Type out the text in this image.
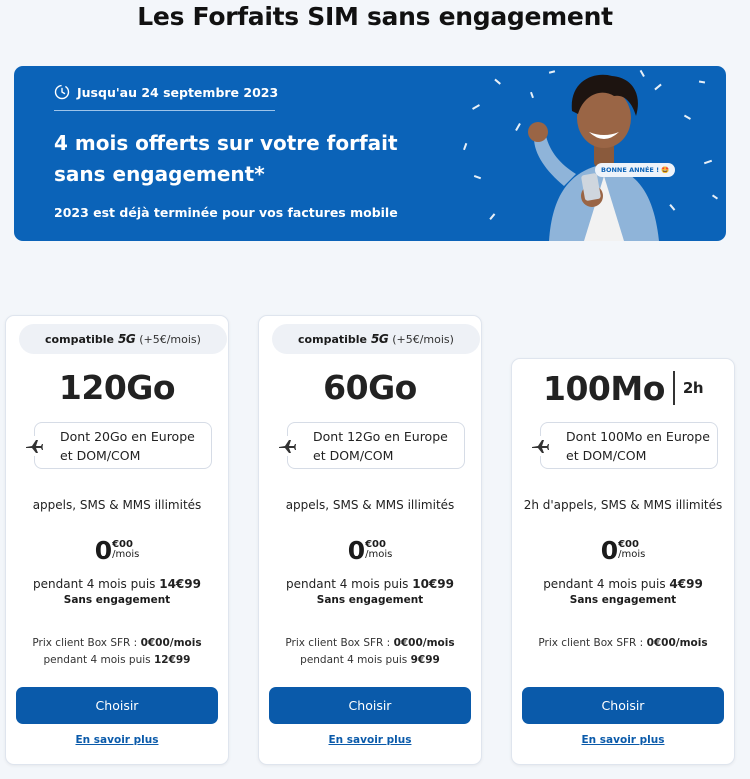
Les Forfaits SIM sans engagement
Jusqu'au 24 septembre 2023
4 mois offerts sur votre forfait
sans engagement*
2023 est déjà terminée pour vos factures mobile
BONNE ANNÉE ! 🤩
compatible 5G (+5€/mois)
120Go
Dont 20Go en Europe
et DOM/COM
appels, SMS & MMS illimités
0€00
/mois
pendant 4 mois puis 14€99
Sans engagement
Prix client Box SFR : 0€00/mois
pendant 4 mois puis 12€99
Choisir
En savoir plus
compatible 5G (+5€/mois)
60Go
Dont 12Go en Europe
et DOM/COM
appels, SMS & MMS illimités
0€00
/mois
pendant 4 mois puis 10€99
Sans engagement
Prix client Box SFR : 0€00/mois
pendant 4 mois puis 9€99
Choisir
En savoir plus
100Mo 2h
Dont 100Mo en Europe
et DOM/COM
2h d'appels, SMS & MMS illimités
0€00
/mois
pendant 4 mois puis 4€99
Sans engagement
Prix client Box SFR : 0€00/mois
Choisir
En savoir plus
